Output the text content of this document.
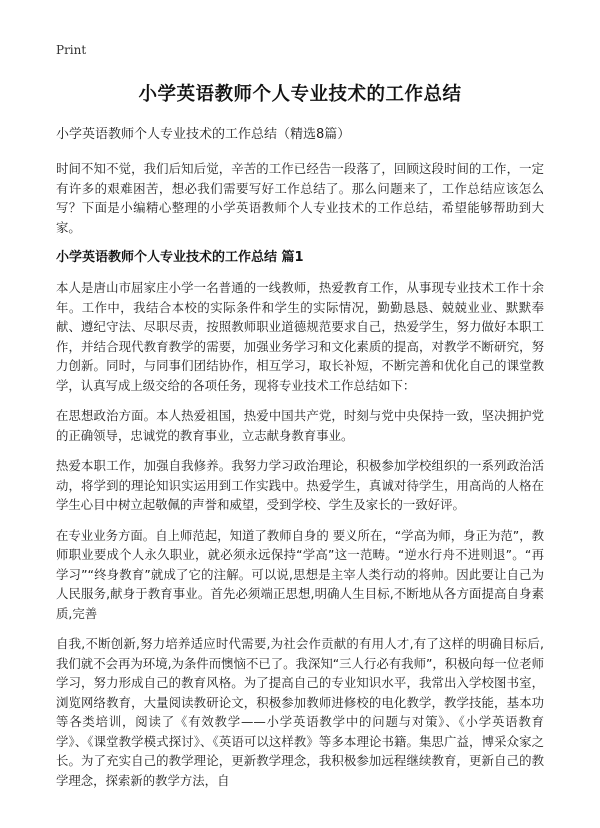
Print
小学英语教师个人专业技术的工作总结
小学英语教师个人专业技术的工作总结（精选8篇）

时间不知不觉，我们后知后觉，辛苦的工作已经告一段落了，回顾这段时间的工作，一定有许多的艰难困苦，想必我们需要写好工作总结了。那么问题来了，工作总结应该怎么写？下面是小编精心整理的小学英语教师个人专业技术的工作总结，希望能够帮助到大家。

小学英语教师个人专业技术的工作总结 篇1

本人是唐山市屈家庄小学一名普通的一线教师，热爱教育工作，从事现专业技术工作十余年。工作中，我结合本校的实际条件和学生的实际情况，勤勤恳恳、兢兢业业、默默奉献、遵纪守法、尽职尽责，按照教师职业道德规范要求自己，热爱学生，努力做好本职工作，并结合现代教育教学的需要，加强业务学习和文化素质的提高，对教学不断研究，努力创新。同时，与同事们团结协作，相互学习，取长补短，不断完善和优化自己的课堂教学，认真写成上级交给的各项任务，现将专业技术工作总结如下：

在思想政治方面。本人热爱祖国，热爱中国共产党，时刻与党中央保持一致，坚决拥护党的正确领导，忠诚党的教育事业，立志献身教育事业。

热爱本职工作，加强自我修养。我努力学习政治理论，积极参加学校组织的一系列政治活动，将学到的理论知识实运用到工作实践中。热爱学生，真诚对待学生，用高尚的人格在学生心目中树立起敬佩的声誉和威望，受到学校、学生及家长的一致好评。

在专业业务方面。自上师范起，知道了教师自身的 要义所在，“学高为师，身正为范”，教师职业要成个人永久职业，就必须永远保持“学高”这一范畴。“逆水行舟不进则退”。“再学习”“终身教育”就成了它的注解。可以说,思想是主宰人类行动的将帅。因此要让自己为人民服务,献身于教育事业。首先必须端正思想,明确人生目标,不断地从各方面提高自身素质,完善

自我,不断创新,努力培养适应时代需要,为社会作贡献的有用人才,有了这样的明确目标后,我们就不会再为环境,为条件而懊恼不已了。我深知“三人行必有我师”，积极向每一位老师学习，努力形成自己的教育风格。为了提高自己的专业知识水平，我常出入学校图书室，浏览网络教育，大量阅读教研论文，积极参加教师进修校的电化教学，教学技能，基本功等各类培训，阅读了《有效教学——小学英语教学中的问题与对策》、《小学英语教育学》、《课堂教学模式探讨》、《英语可以这样教》等多本理论书籍。集思广益，博采众家之长。为了充实自己的教学理论，更新教学理念，我积极参加远程继续教育，更新自己的教学理念，探索新的教学方法，自
